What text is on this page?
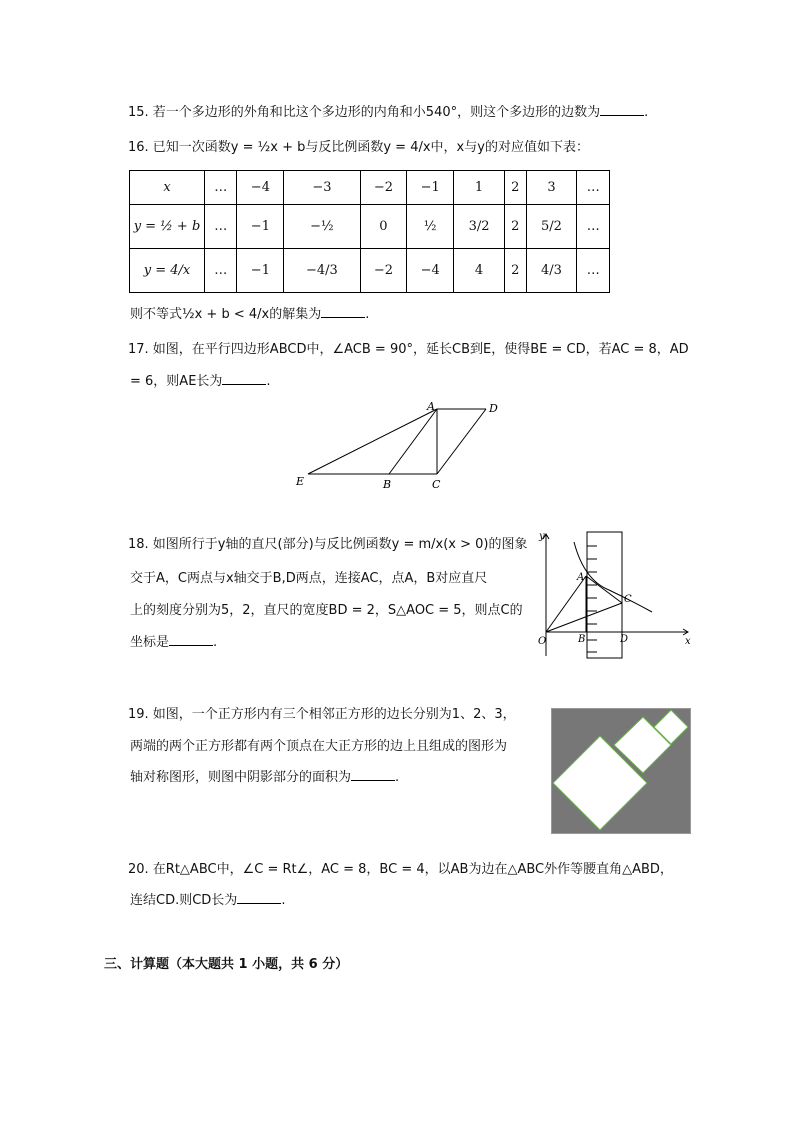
15. 若一个多边形的外角和比这个多边形的内角和小540°，则这个多边形的边数为	.
16. 已知一次函数y = ½x + b与反比例函数y = 4/x中，x与y的对应值如下表：
x	…	−4	−3	−2	−1	1	2	3	…
y = ½ + b	…	−1	−½	0	½	3/2	2	5/2	…
y = 4/x	…	−1	−4/3	−2	−4	4	2	4/3	…
则不等式½x + b < 4/x的解集为	.
17. 如图，在平行四边形ABCD中，∠ACB = 90°，延长CB到E，使得BE = CD，若AC = 8，AD
= 6，则AE长为	.
A	D
E	B	C
18. 如图所行于y轴的直尺(部分)与反比例函数y = m/x(x > 0)的图象
交于A，C两点与x轴交于B,D两点，连接AC，点A，B对应直尺
上的刻度分别为5，2，直尺的宽度BD = 2，S△AOC = 5，则点C的
坐标是	.
y
x
O
A
B
C
D
19. 如图，一个正方形内有三个相邻正方形的边长分别为1、2、3，
两端的两个正方形都有两个顶点在大正方形的边上且组成的图形为
轴对称图形，则图中阴影部分的面积为	.
20. 在Rt△ABC中，∠C = Rt∠，AC = 8，BC = 4，以AB为边在△ABC外作等腰直角△ABD，
连结CD.则CD长为	.
三、计算题（本大题共 1 小题，共 6 分）
